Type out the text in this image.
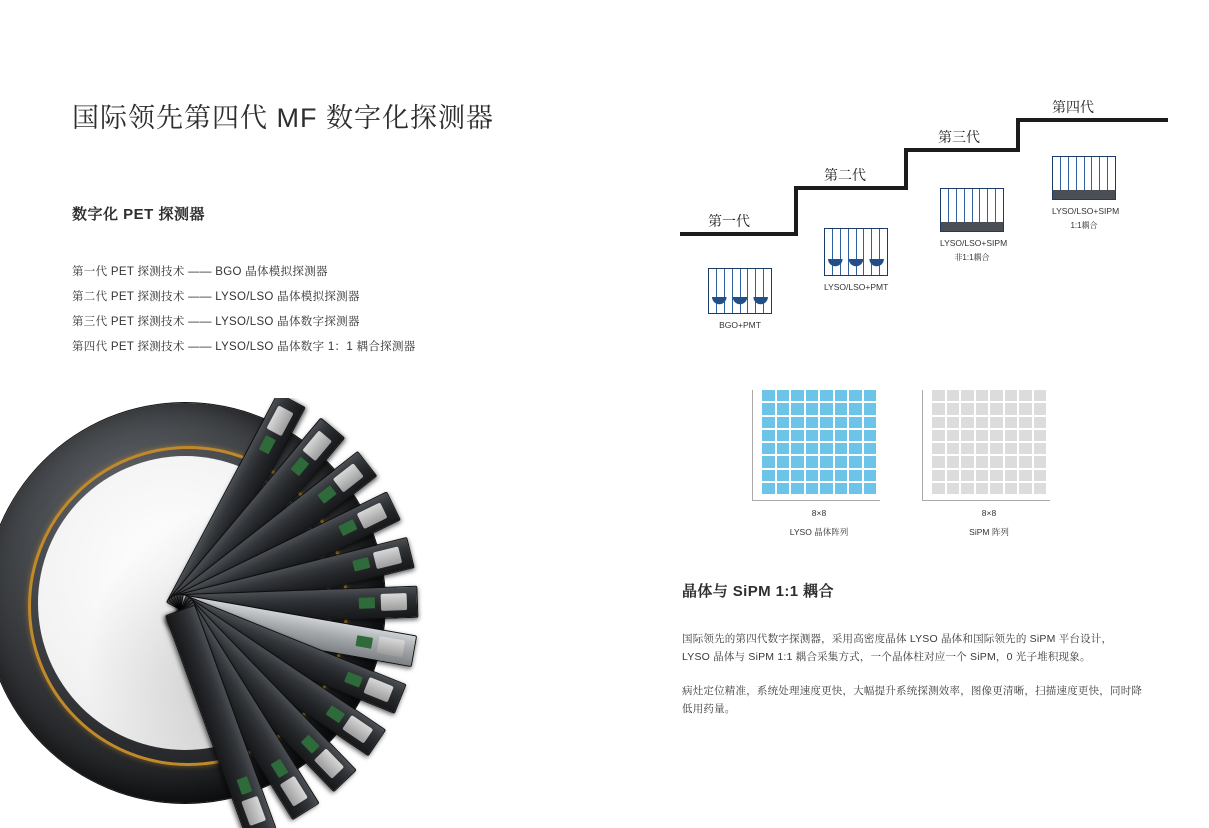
国际领先第四代 MF 数字化探测器
数字化 PET 探测器
第一代 PET 探测技术 —— BGO 晶体模拟探测器
第二代 PET 探测技术 —— LYSO/LSO 晶体模拟探测器
第三代 PET 探测技术 —— LYSO/LSO 晶体数字探测器
第四代 PET 探测技术 —— LYSO/LSO 晶体数字 1：1 耦合探测器
第一代
第二代
第三代
第四代
BGO+PMT
LYSO/LSO+PMT
LYSO/LSO+SIPM
非1:1耦合
LYSO/LSO+SIPM
1:1耦合
8×8
LYSO 晶体阵列
8×8
SiPM 阵列
晶体与 SiPM 1:1 耦合

国际领先的第四代数字探测器，采用高密度晶体 LYSO 晶体和国际领先的 SiPM 平台设计，

LYSO 晶体与 SiPM 1:1 耦合采集方式，一个晶体柱对应一个 SiPM，0 光子堆积现象。

病灶定位精准，系统处理速度更快，大幅提升系统探测效率，图像更清晰，扫描速度更快，同时降低用药量。
